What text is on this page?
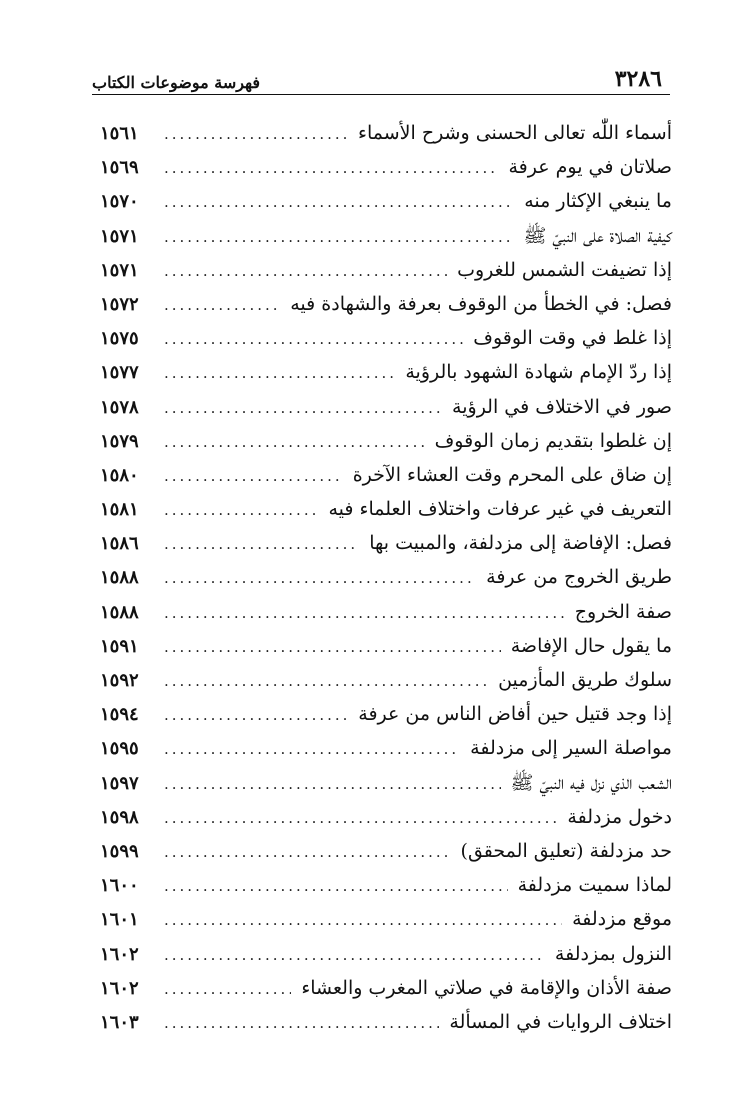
٣٢٨٦
فهرسة موضوعات الكتاب
أسماء اللّٰه تعالى الحسنى وشرح الأسماء
.....
١٥٦١
صلاتان في يوم عرفة
.....
١٥٦٩
ما ينبغي الإكثار منه
.....
١٥٧٠
كيفية الصلاة على النبيّ ﷺ
.....
١٥٧١
إذا تضيفت الشمس للغروب
.....
١٥٧١
فصل: في الخطأ من الوقوف بعرفة والشهادة فيه
.....
١٥٧٢
إذا غلط في وقت الوقوف
.....
١٥٧٥
إذا ردّ الإمام شهادة الشهود بالرؤية
.....
١٥٧٧
صور في الاختلاف في الرؤية
.....
١٥٧٨
إن غلطوا بتقديم زمان الوقوف
.....
١٥٧٩
إن ضاق على المحرم وقت العشاء الآخرة
.....
١٥٨٠
التعريف في غير عرفات واختلاف العلماء فيه
.....
١٥٨١
فصل: الإفاضة إلى مزدلفة، والمبيت بها
.....
١٥٨٦
طريق الخروج من عرفة
.....
١٥٨٨
صفة الخروج
.....
١٥٨٨
ما يقول حال الإفاضة
.....
١٥٩١
سلوك طريق المأزمين
.....
١٥٩٢
إذا وجد قتيل حين أفاض الناس من عرفة
.....
١٥٩٤
مواصلة السير إلى مزدلفة
.....
١٥٩٥
الشعب الذي نزل فيه النبيّ ﷺ
.....
١٥٩٧
دخول مزدلفة
.....
١٥٩٨
حد مزدلفة (تعليق المحقق)
.....
١٥٩٩
لماذا سميت مزدلفة
.....
١٦٠٠
موقع مزدلفة
.....
١٦٠١
النزول بمزدلفة
.....
١٦٠٢
صفة الأذان والإقامة في صلاتي المغرب والعشاء
.....
١٦٠٢
اختلاف الروايات في المسألة
.....
١٦٠٣
